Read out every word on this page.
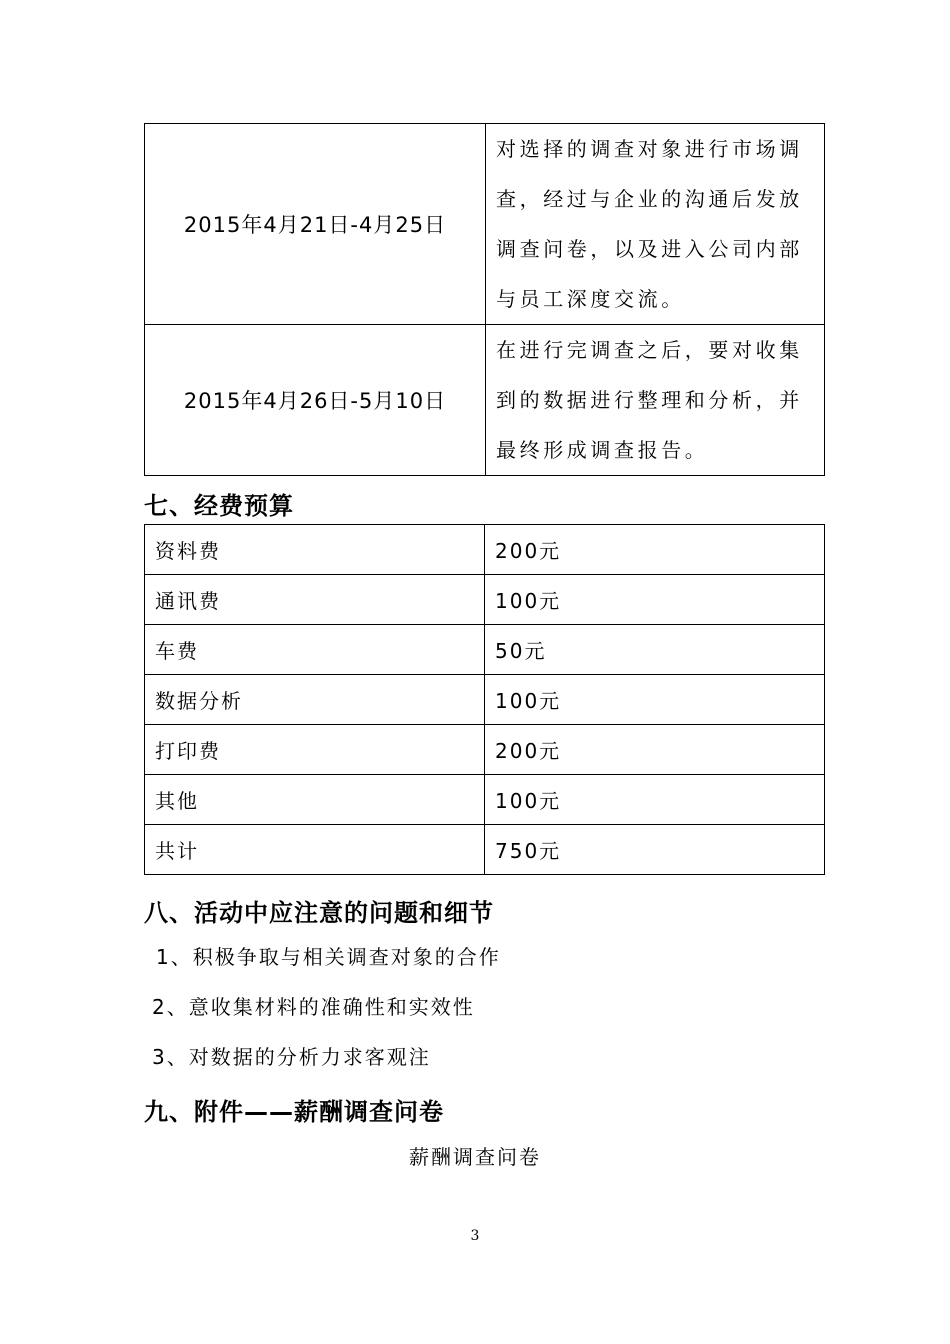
2015年4月21日-4月25日	对选择的调查对象进行市场调查，经过与企业的沟通后发放调查问卷，以及进入公司内部与员工深度交流。
2015年4月26日-5月10日	在进行完调查之后，要对收集到的数据进行整理和分析，并最终形成调查报告。
七、经费预算
资料费	200元
通讯费	100元
车费	50元
数据分析	100元
打印费	200元
其他	100元
共计	750元
八、活动中应注意的问题和细节
1、积极争取与相关调查对象的合作
2、意收集材料的准确性和实效性
3、对数据的分析力求客观注
九、附件——薪酬调查问卷
薪酬调查问卷
3
